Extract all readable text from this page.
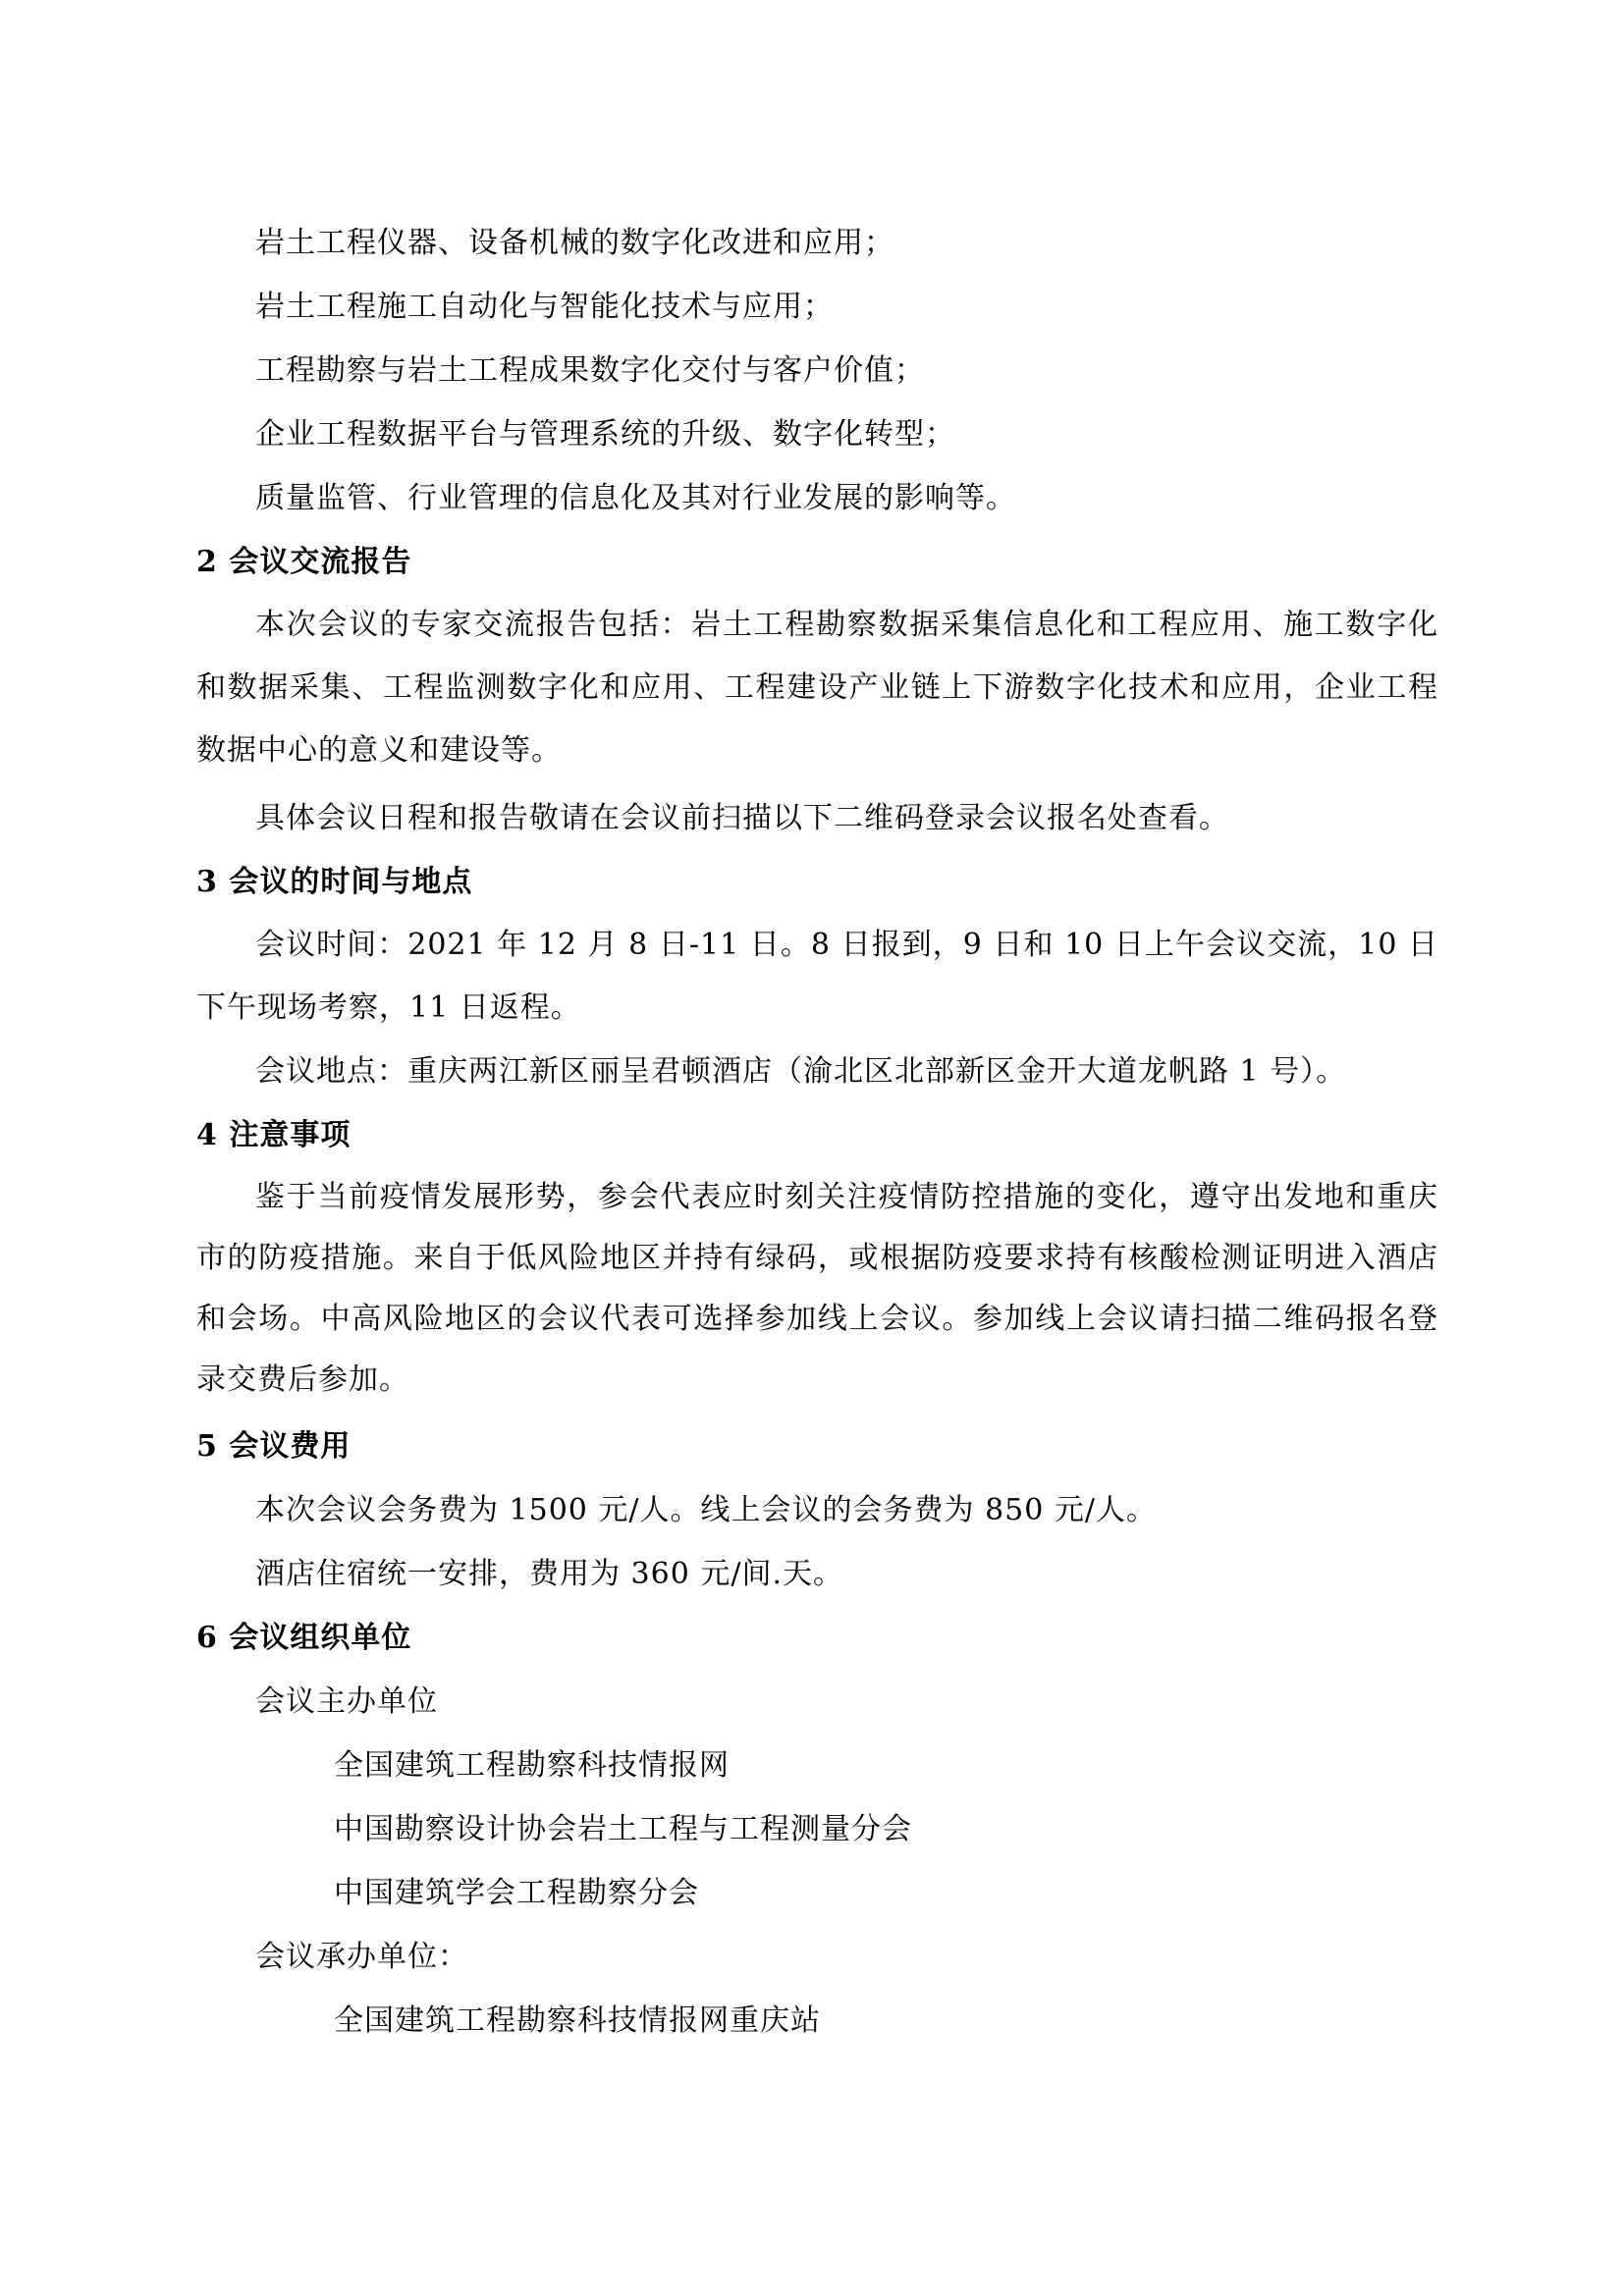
岩土工程仪器、设备机械的数字化改进和应用；
岩土工程施工自动化与智能化技术与应用；
工程勘察与岩土工程成果数字化交付与客户价值；
企业工程数据平台与管理系统的升级、数字化转型；
质量监管、行业管理的信息化及其对行业发展的影响等。
2 会议交流报告
本次会议的专家交流报告包括：岩土工程勘察数据采集信息化和工程应用、施工数字化和数据采集、工程监测数字化和应用、工程建设产业链上下游数字化技术和应用，企业工程数据中心的意义和建设等。
具体会议日程和报告敬请在会议前扫描以下二维码登录会议报名处查看。
3 会议的时间与地点
会议时间：2021 年 12 月 8 日-11 日。8 日报到，9 日和 10 日上午会议交流，10 日下午现场考察，11 日返程。
会议地点：重庆两江新区丽呈君顿酒店（渝北区北部新区金开大道龙帆路 1 号）。
4 注意事项
鉴于当前疫情发展形势，参会代表应时刻关注疫情防控措施的变化，遵守出发地和重庆市的防疫措施。来自于低风险地区并持有绿码，或根据防疫要求持有核酸检测证明进入酒店和会场。中高风险地区的会议代表可选择参加线上会议。参加线上会议请扫描二维码报名登录交费后参加。
5 会议费用
本次会议会务费为 1500 元/人。线上会议的会务费为 850 元/人。
酒店住宿统一安排，费用为 360 元/间.天。
6 会议组织单位
会议主办单位
全国建筑工程勘察科技情报网
中国勘察设计协会岩土工程与工程测量分会
中国建筑学会工程勘察分会
会议承办单位：
全国建筑工程勘察科技情报网重庆站
